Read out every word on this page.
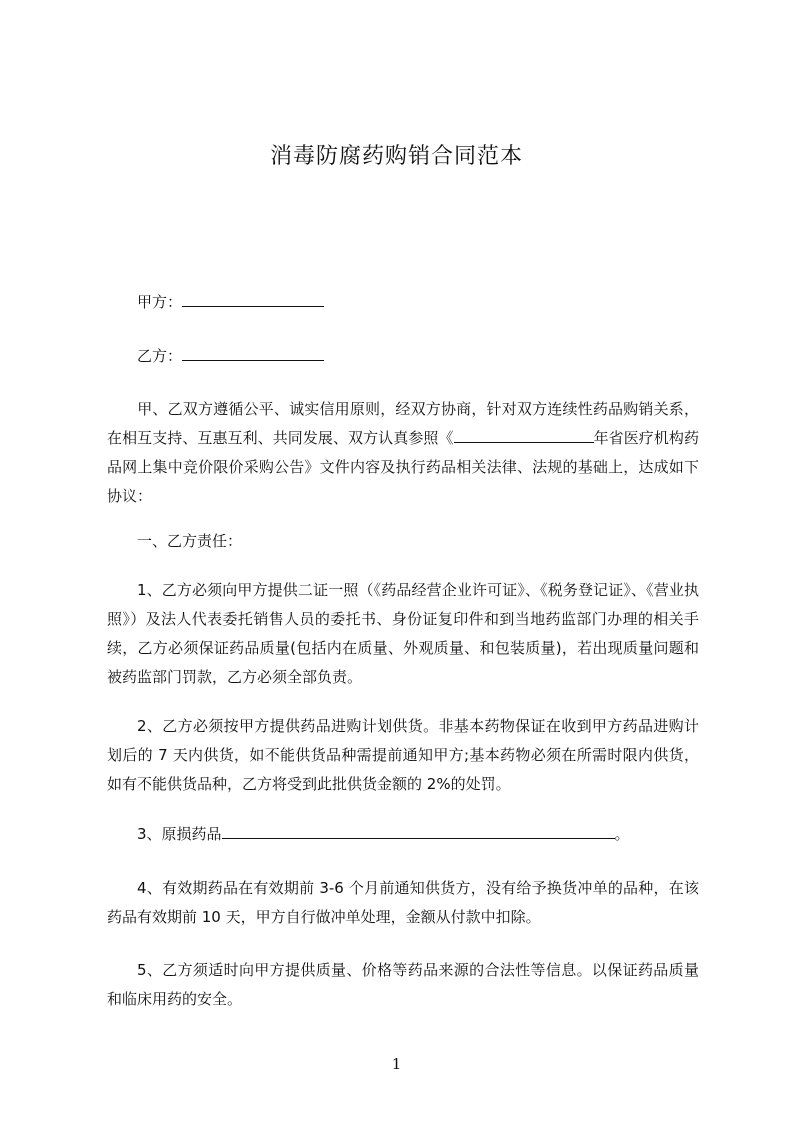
消毒防腐药购销合同范本
甲方：
乙方：
甲、乙双方遵循公平、诚实信用原则，经双方协商，针对双方连续性药品购销关系，在相互支持、互惠互利、共同发展、双方认真参照《	年省医疗机构药品网上集中竞价限价采购公告》文件内容及执行药品相关法律、法规的基础上，达成如下协议：
一、乙方责任：
1、乙方必须向甲方提供二证一照（《药品经营企业许可证》、《税务登记证》、《营业执照》）及法人代表委托销售人员的委托书、身份证复印件和到当地药监部门办理的相关手续，乙方必须保证药品质量(包括内在质量、外观质量、和包装质量)，若出现质量问题和被药监部门罚款，乙方必须全部负责。
2、乙方必须按甲方提供药品进购计划供货。非基本药物保证在收到甲方药品进购计划后的 7 天内供货，如不能供货品种需提前通知甲方;基本药物必须在所需时限内供货，如有不能供货品种，乙方将受到此批供货金额的 2%的处罚。
3、原损药品	。
4、有效期药品在有效期前 3-6 个月前通知供货方，没有给予换货冲单的品种，在该药品有效期前 10 天，甲方自行做冲单处理，金额从付款中扣除。
5、乙方须适时向甲方提供质量、价格等药品来源的合法性等信息。以保证药品质量和临床用药的安全。
1
